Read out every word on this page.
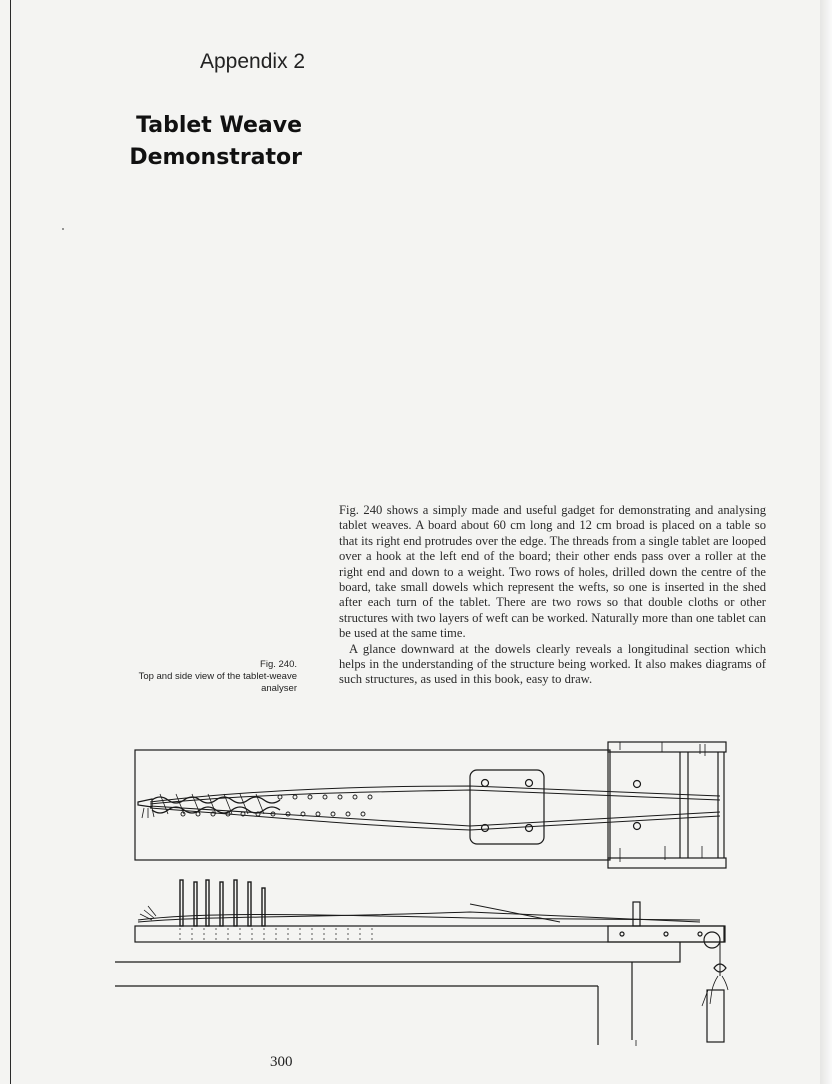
Appendix 2
Tablet Weave
Demonstrator
Fig. 240.
Top and side view of the tablet-weave
analyser

Fig. 240 shows a simply made and useful gadget for demonstrating and analysing tablet weaves. A board about 60 cm long and 12 cm broad is placed on a table so that its right end protrudes over the edge. The threads from a single tablet are looped over a hook at the left end of the board; their other ends pass over a roller at the right end and down to a weight. Two rows of holes, drilled down the centre of the board, take small dowels which represent the wefts, so one is inserted in the shed after each turn of the tablet. There are two rows so that double cloths or other structures with two layers of weft can be worked. Naturally more than one tablet can be used at the same time.

A glance downward at the dowels clearly reveals a longitudinal section which helps in the understanding of the structure being worked. It also makes diagrams of such structures, as used in this book, easy to draw.

300
